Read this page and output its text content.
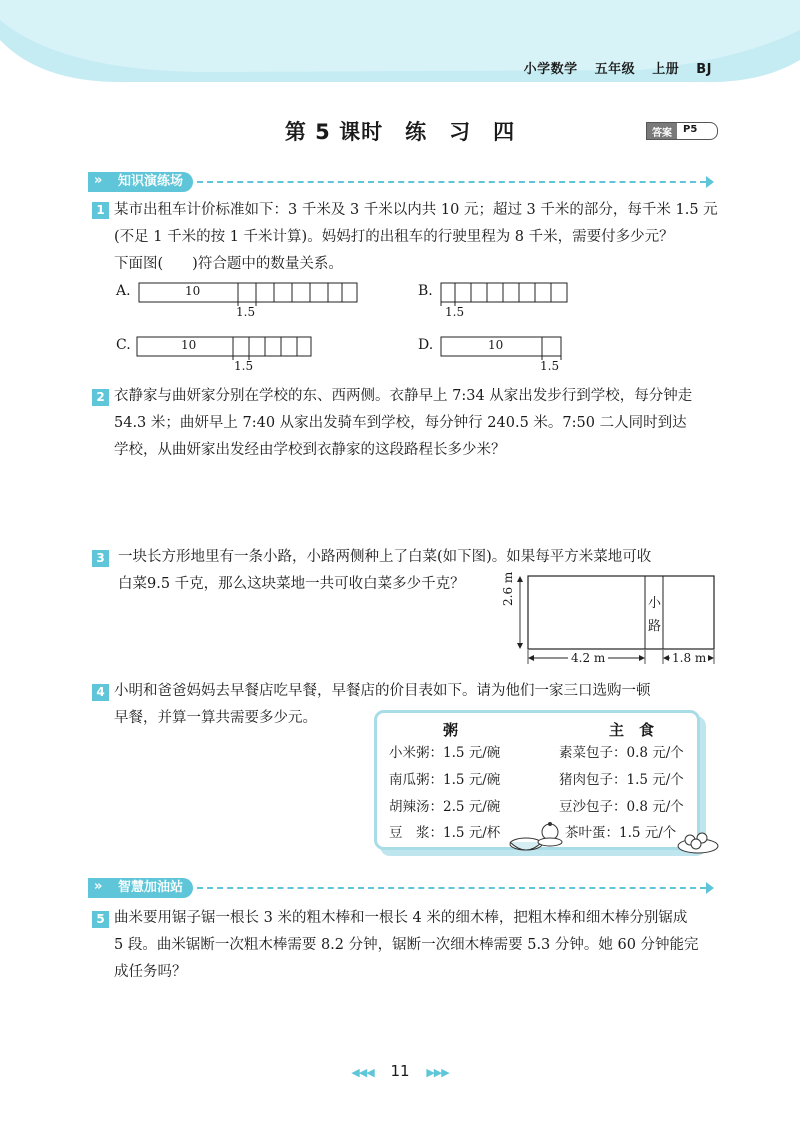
小学数学 五年级 上册 BJ
第 5 课时　练　习　四	答案	P5
» 知识演练场
1 某市出租车计价标准如下：3 千米及 3 千米以内共 10 元；超过 3 千米的部分，每千米 1.5 元
(不足 1 千米的按 1 千米计算)。妈妈打的出租车的行驶里程为 8 千米，需要付多少元？
下面图(　　)符合题中的数量关系。
A.	10
1.5
B.
1.5
C.	10
1.5
D.	10
1.5
2 衣静家与曲妍家分别在学校的东、西两侧。衣静早上 7:34 从家出发步行到学校，每分钟走
54.3 米；曲妍早上 7:40 从家出发骑车到学校，每分钟行 240.5 米。7:50 二人同时到达
学校，从曲妍家出发经由学校到衣静家的这段路程长多少米？
3 一块长方形地里有一条小路，小路两侧种上了白菜(如下图)。如果每平方米菜地可收
白菜9.5 千克，那么这块菜地一共可收白菜多少千克？	2.6 m
4.2 m	1.8 m
小
路
4 小明和爸爸妈妈去早餐店吃早餐，早餐店的价目表如下。请为他们一家三口选购一顿
早餐，并算一算共需要多少元。
粥	主　食
小米粥：1.5 元/碗
南瓜粥：1.5 元/碗
胡辣汤：2.5 元/碗
豆　浆：1.5 元/杯
素菜包子：0.8 元/个
猪肉包子：1.5 元/个
豆沙包子：0.8 元/个
茶叶蛋：1.5 元/个
» 智慧加油站
5 曲米要用锯子锯一根长 3 米的粗木棒和一根长 4 米的细木棒，把粗木棒和细木棒分别锯成
5 段。曲米锯断一次粗木棒需要 8.2 分钟，锯断一次细木棒需要 5.3 分钟。她 60 分钟能完
成任务吗？
◀◀◀ 11 ▶▶▶
